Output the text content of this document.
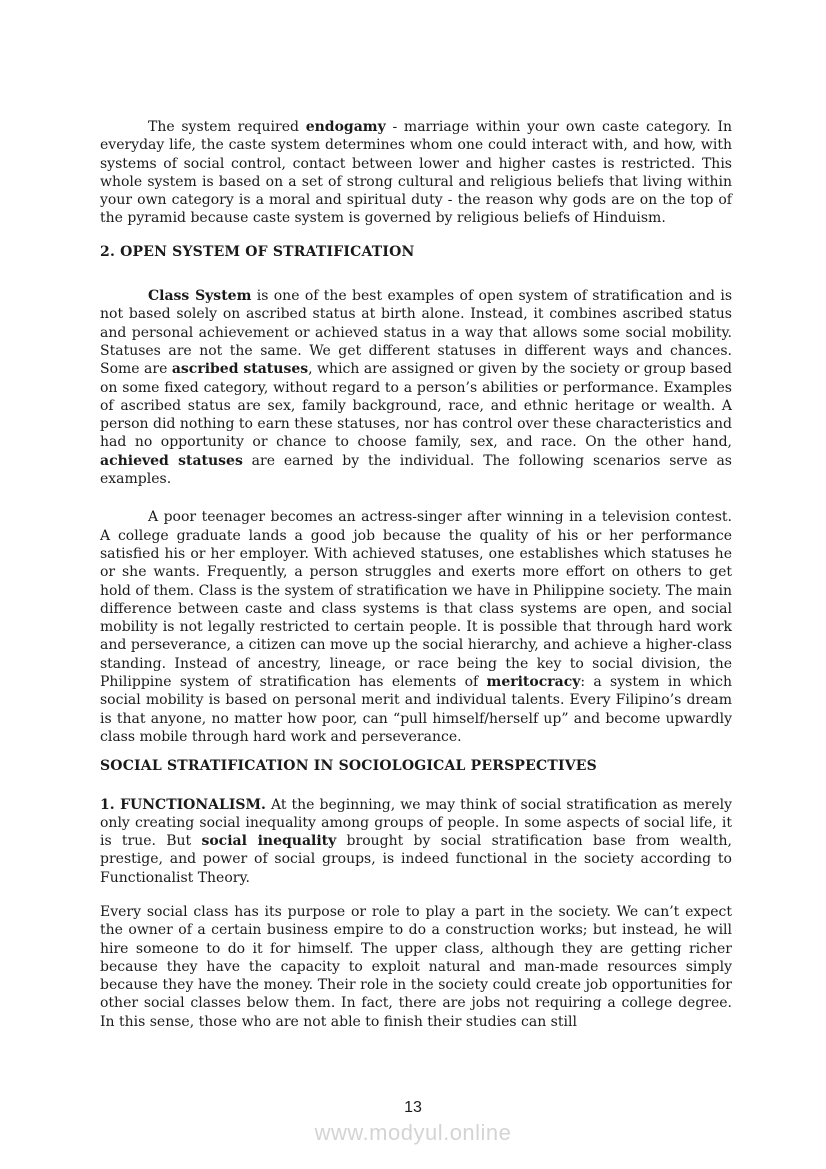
The system required endogamy - marriage within your own caste category. In everyday life, the caste system determines whom one could interact with, and how, with systems of social control, contact between lower and higher castes is restricted. This whole system is based on a set of strong cultural and religious beliefs that living within your own category is a moral and spiritual duty - the reason why gods are on the top of the pyramid because caste system is governed by religious beliefs of Hinduism.

2. OPEN SYSTEM OF STRATIFICATION

Class System is one of the best examples of open system of stratification and is not based solely on ascribed status at birth alone. Instead, it combines ascribed status and personal achievement or achieved status in a way that allows some social mobility. Statuses are not the same. We get different statuses in different ways and chances. Some are ascribed statuses, which are assigned or given by the society or group based on some fixed category, without regard to a person’s abilities or performance. Examples of ascribed status are sex, family background, race, and ethnic heritage or wealth. A person did nothing to earn these statuses, nor has control over these characteristics and had no opportunity or chance to choose family, sex, and race. On the other hand, achieved statuses are earned by the individual. The following scenarios serve as examples.

A poor teenager becomes an actress-singer after winning in a television contest. A college graduate lands a good job because the quality of his or her performance satisfied his or her employer. With achieved statuses, one establishes which statuses he or she wants. Frequently, a person struggles and exerts more effort on others to get hold of them. Class is the system of stratification we have in Philippine society. The main difference between caste and class systems is that class systems are open, and social mobility is not legally restricted to certain people. It is possible that through hard work and perseverance, a citizen can move up the social hierarchy, and achieve a higher-class standing. Instead of ancestry, lineage, or race being the key to social division, the Philippine system of stratification has elements of meritocracy: a system in which social mobility is based on personal merit and individual talents. Every Filipino’s dream is that anyone, no matter how poor, can “pull himself/herself up” and become upwardly class mobile through hard work and perseverance.

SOCIAL STRATIFICATION IN SOCIOLOGICAL PERSPECTIVES

1. FUNCTIONALISM. At the beginning, we may think of social stratification as merely only creating social inequality among groups of people. In some aspects of social life, it is true. But social inequality brought by social stratification base from wealth, prestige, and power of social groups, is indeed functional in the society according to Functionalist Theory.

Every social class has its purpose or role to play a part in the society. We can’t expect the owner of a certain business empire to do a construction works; but instead, he will hire someone to do it for himself. The upper class, although they are getting richer because they have the capacity to exploit natural and man-made resources simply because they have the money. Their role in the society could create job opportunities for other social classes below them. In fact, there are jobs not requiring a college degree. In this sense, those who are not able to finish their studies can still

13
www.modyul.online
